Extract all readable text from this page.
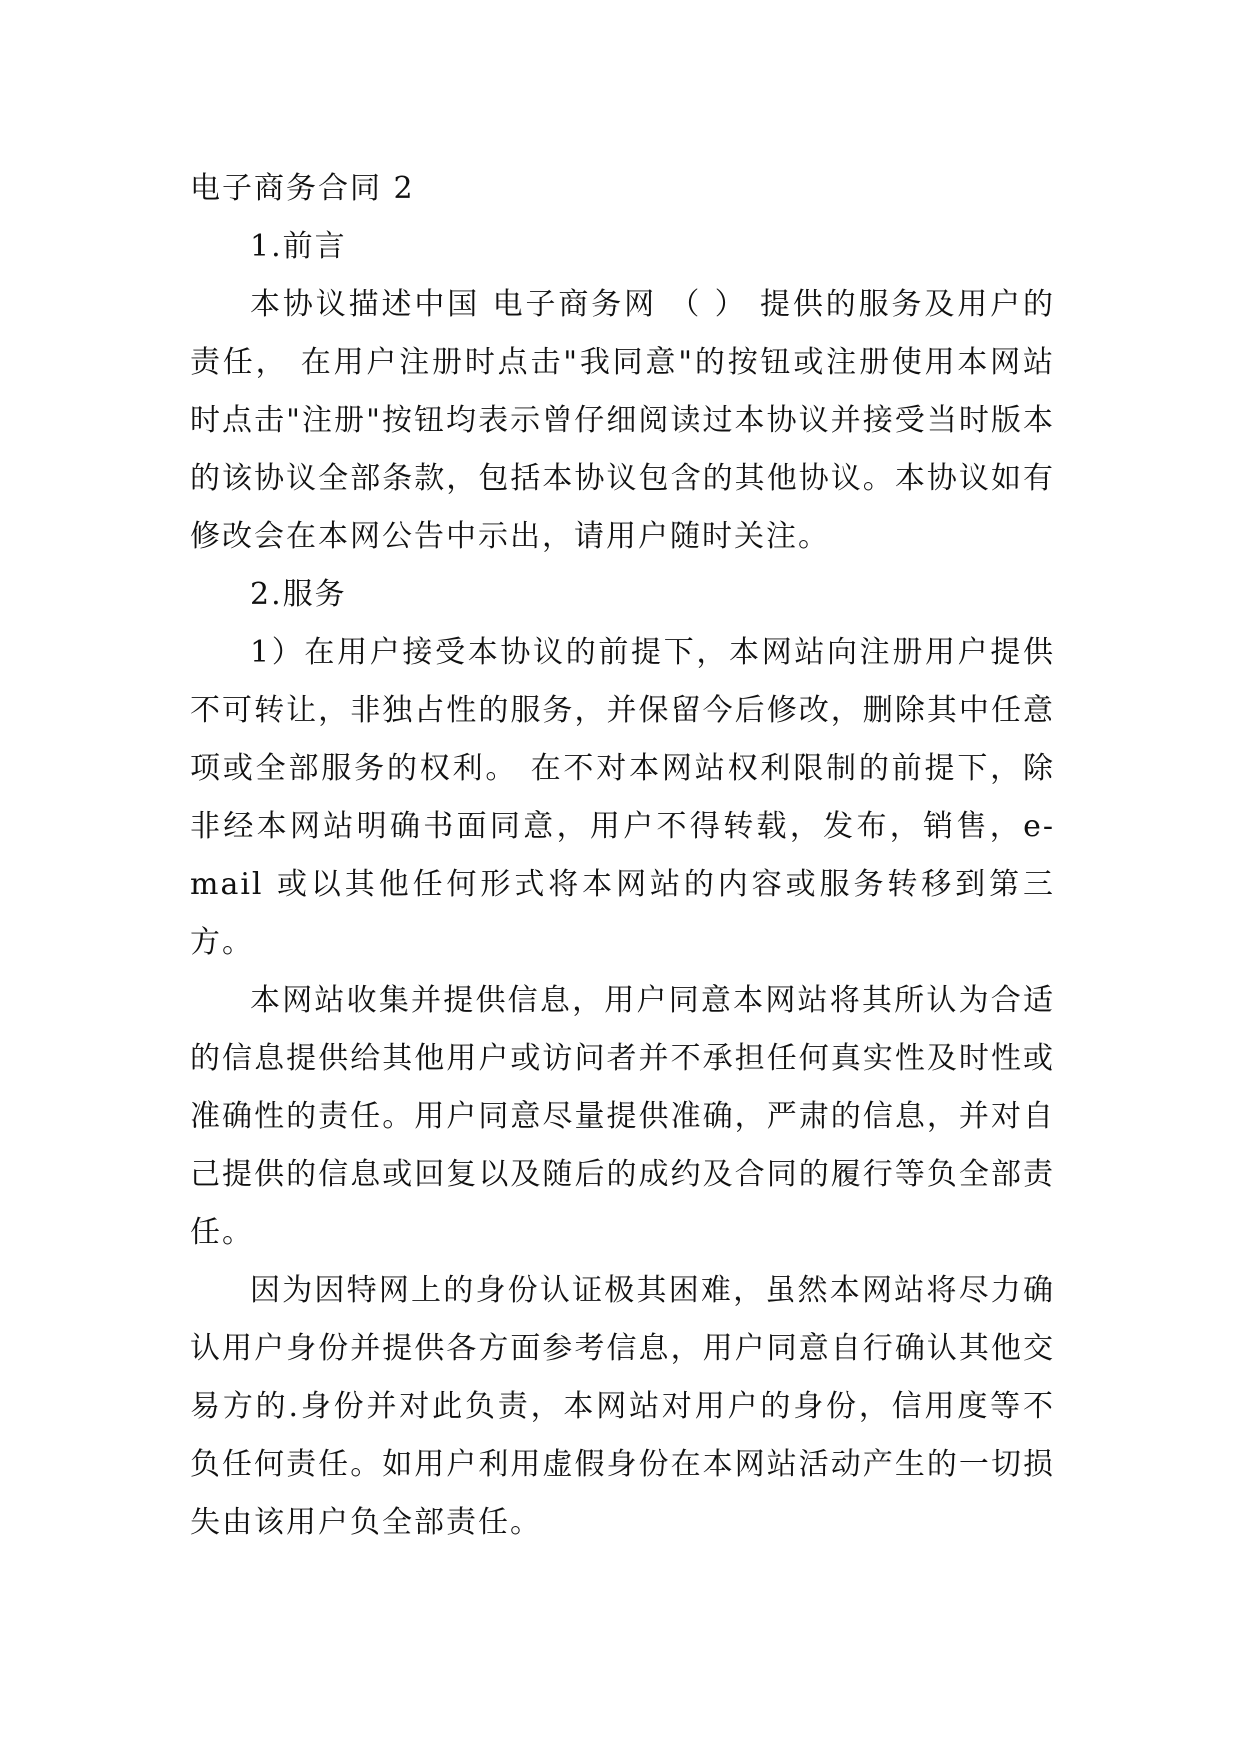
电子商务合同 2

1.前言

本协议描述中国 电子商务网 （ ） 提供的服务及用户的责任， 在用户注册时点击"我同意"的按钮或注册使用本网站时点击"注册"按钮均表示曾仔细阅读过本协议并接受当时版本的该协议全部条款，包括本协议包含的其他协议。本协议如有修改会在本网公告中示出，请用户随时关注。

2.服务

1）在用户接受本协议的前提下，本网站向注册用户提供不可转让，非独占性的服务，并保留今后修改，删除其中任意项或全部服务的权利。 在不对本网站权利限制的前提下，除非经本网站明确书面同意，用户不得转载，发布，销售，e-mail 或以其他任何形式将本网站的内容或服务转移到第三方。

本网站收集并提供信息，用户同意本网站将其所认为合适的信息提供给其他用户或访问者并不承担任何真实性及时性或准确性的责任。用户同意尽量提供准确，严肃的信息，并对自己提供的信息或回复以及随后的成约及合同的履行等负全部责任。

因为因特网上的身份认证极其困难，虽然本网站将尽力确认用户身份并提供各方面参考信息，用户同意自行确认其他交易方的.身份并对此负责，本网站对用户的身份，信用度等不负任何责任。如用户利用虚假身份在本网站活动产生的一切损失由该用户负全部责任。
